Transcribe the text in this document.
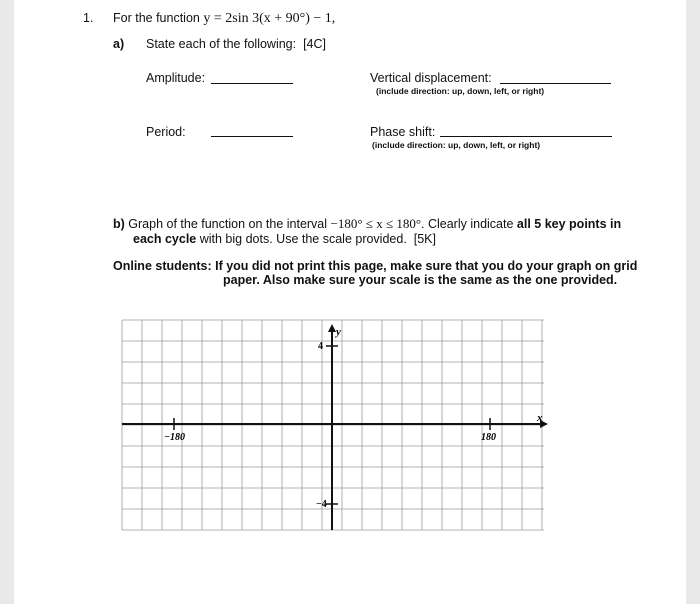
1. For the function y = 2sin 3(x + 90°) − 1,
a) State each of the following: [4C]
Amplitude:	Vertical displacement:
(include direction: up, down, left, or right)
Period:	Phase shift:
(include direction: up, down, left, or right)
b) Graph of the function on the interval −180° ≤ x ≤ 180°. Clearly indicate all 5 key points in
each cycle with big dots. Use the scale provided. [5K]
Online students: If you did not print this page, make sure that you do your graph on grid
paper. Also make sure your scale is the same as the one provided.
x
y
−180	180
4
−4
